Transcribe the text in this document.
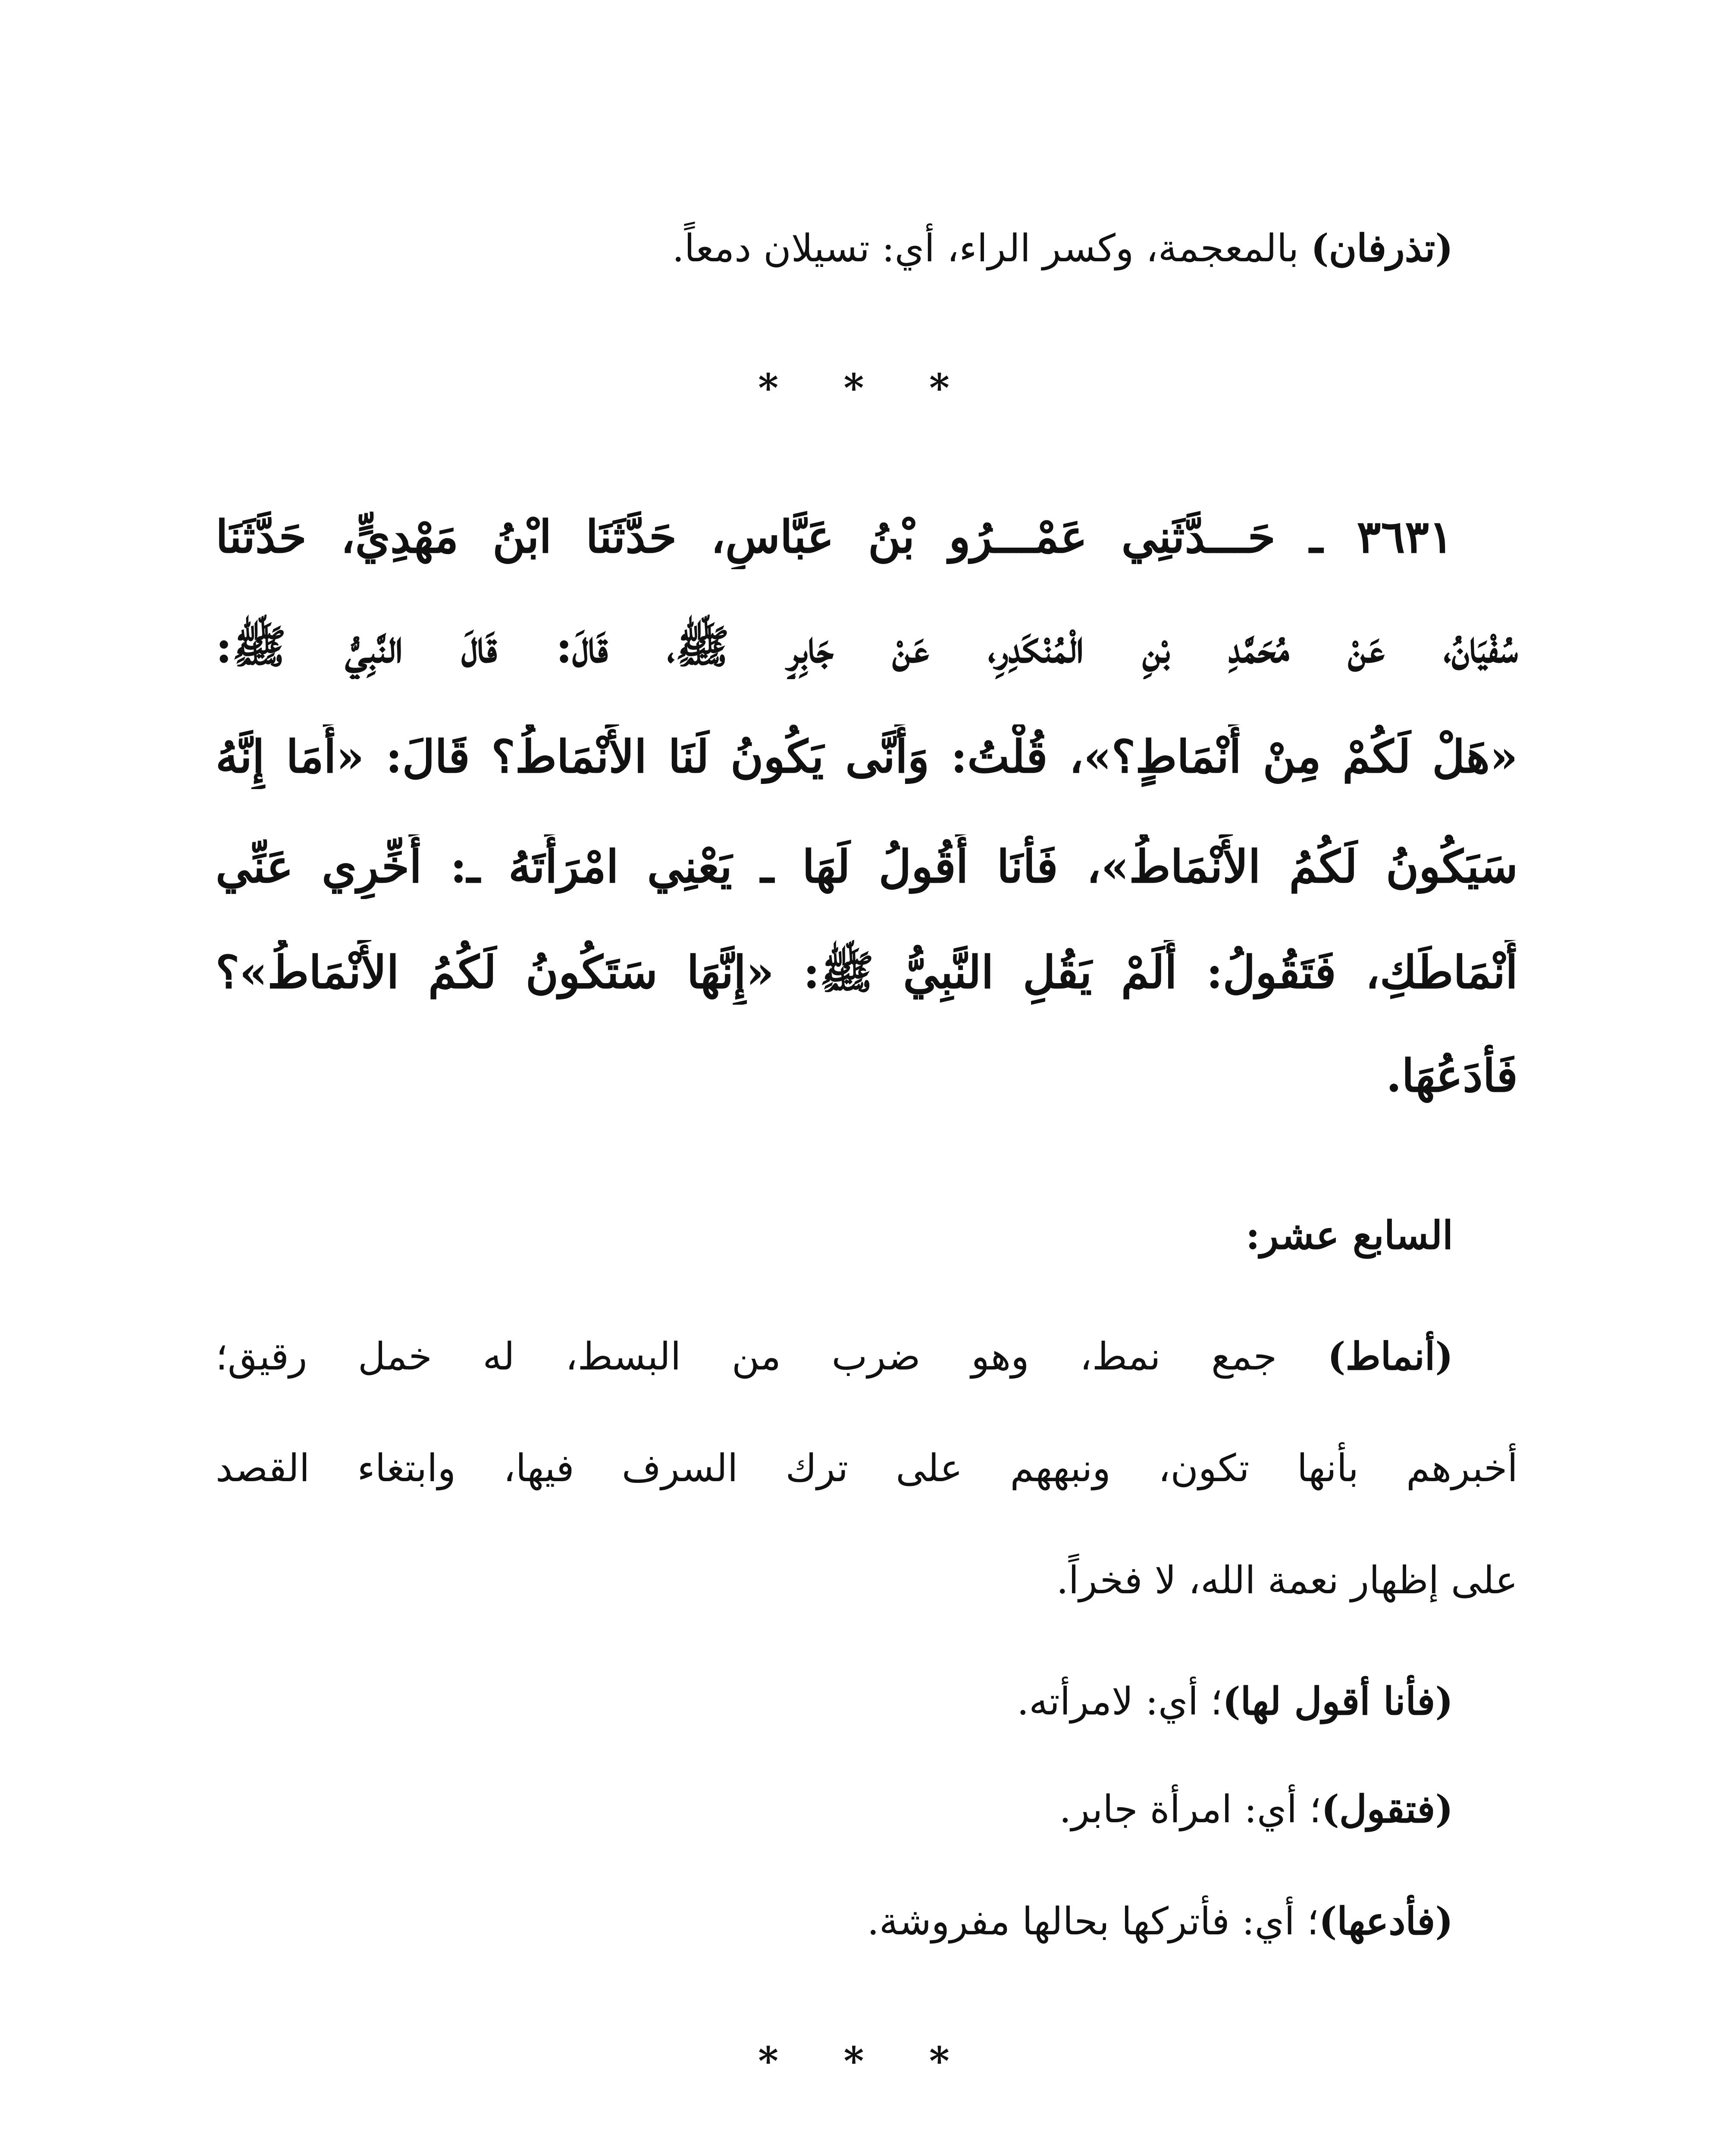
(تذرفان) بالمعجمة، وكسر الراء، أي: تسيلان دمعاً.
* * *
٣٦٣١ ـ حَـــدَّثَنِي عَمْـــرُو بْنُ عَبَّاسٍ، حَدَّثَنَا ابْنُ مَهْدِيٍّ، حَدَّثَنَا
سُفْيَانُ، عَنْ مُحَمَّدِ بْنِ الْمُنْكَدِرِ، عَنْ جَابِرٍ ﷺ، قَالَ: قَالَ النَّبِيُّ ﷺ:
«هَلْ لَكُمْ مِنْ أَنْمَاطٍ؟»، قُلْتُ: وَأَنَّى يَكُونُ لَنَا الأَنْمَاطُ؟ قَالَ: «أَمَا إِنَّهُ
سَيَكُونُ لَكُمُ الأَنْمَاطُ»، فَأَنَا أَقُولُ لَهَا ـ يَعْنِي امْرَأَتَهُ ـ: أَخِّرِي عَنِّي
أَنْمَاطَكِ، فَتَقُولُ: أَلَمْ يَقُلِ النَّبِيُّ ﷺ: «إِنَّهَا سَتَكُونُ لَكُمُ الأَنْمَاطُ»؟
فَأَدَعُهَا.
السابع عشر:
(أنماط) جمع نمط، وهو ضرب من البسط، له خمل رقيق؛
أخبرهم بأنها تكون، ونبههم على ترك السرف فيها، وابتغاء القصد
على إظهار نعمة الله، لا فخراً.
(فأنا أقول لها)؛ أي: لامرأته.
(فتقول)؛ أي: امرأة جابر.
(فأدعها)؛ أي: فأتركها بحالها مفروشة.
* * *
